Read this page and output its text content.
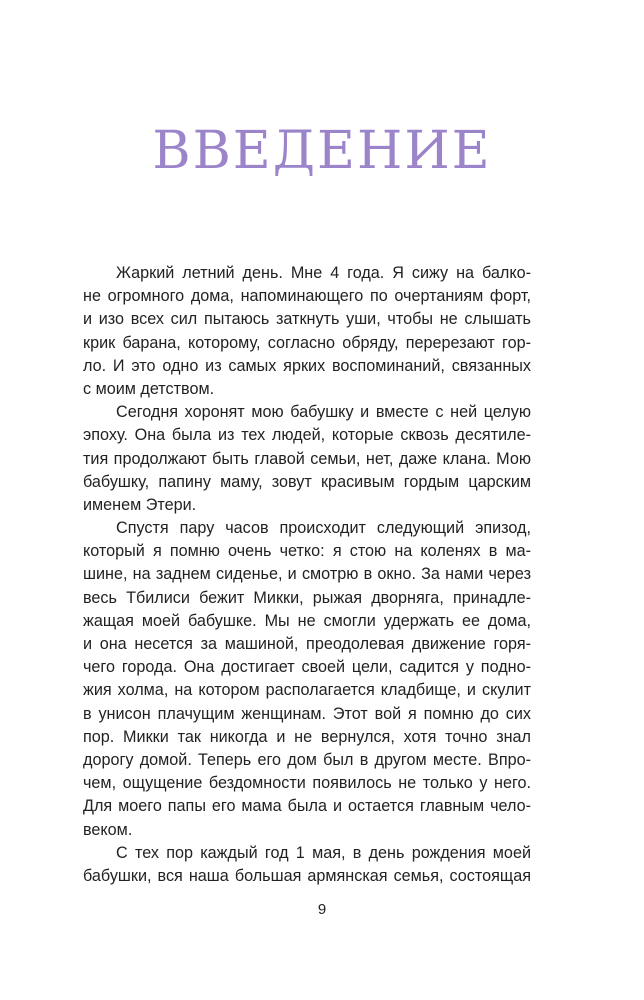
ВВЕДЕНИЕ
Жаркий летний день. Мне 4 года. Я сижу на балко-
не огромного дома, напоминающего по очертаниям форт,
и изо всех сил пытаюсь заткнуть уши, чтобы не слышать
крик барана, которому, согласно обряду, перерезают гор-
ло. И это одно из самых ярких воспоминаний, связанных
с моим детством.
Сегодня хоронят мою бабушку и вместе с ней целую
эпоху. Она была из тех людей, которые сквозь десятиле-
тия продолжают быть главой семьи, нет, даже клана. Мою
бабушку, папину маму, зовут красивым гордым царским
именем Этери.
Спустя пару часов происходит следующий эпизод,
который я помню очень четко: я стою на коленях в ма-
шине, на заднем сиденье, и смотрю в окно. За нами через
весь Тбилиси бежит Микки, рыжая дворняга, принадле-
жащая моей бабушке. Мы не смогли удержать ее дома,
и она несется за машиной, преодолевая движение горя-
чего города. Она достигает своей цели, садится у подно-
жия холма, на котором располагается кладбище, и скулит
в унисон плачущим женщинам. Этот вой я помню до сих
пор. Микки так никогда и не вернулся, хотя точно знал
дорогу домой. Теперь его дом был в другом месте. Впро-
чем, ощущение бездомности появилось не только у него.
Для моего папы его мама была и остается главным чело-
веком.
С тех пор каждый год 1 мая, в день рождения моей
бабушки, вся наша большая армянская семья, состоящая
9
